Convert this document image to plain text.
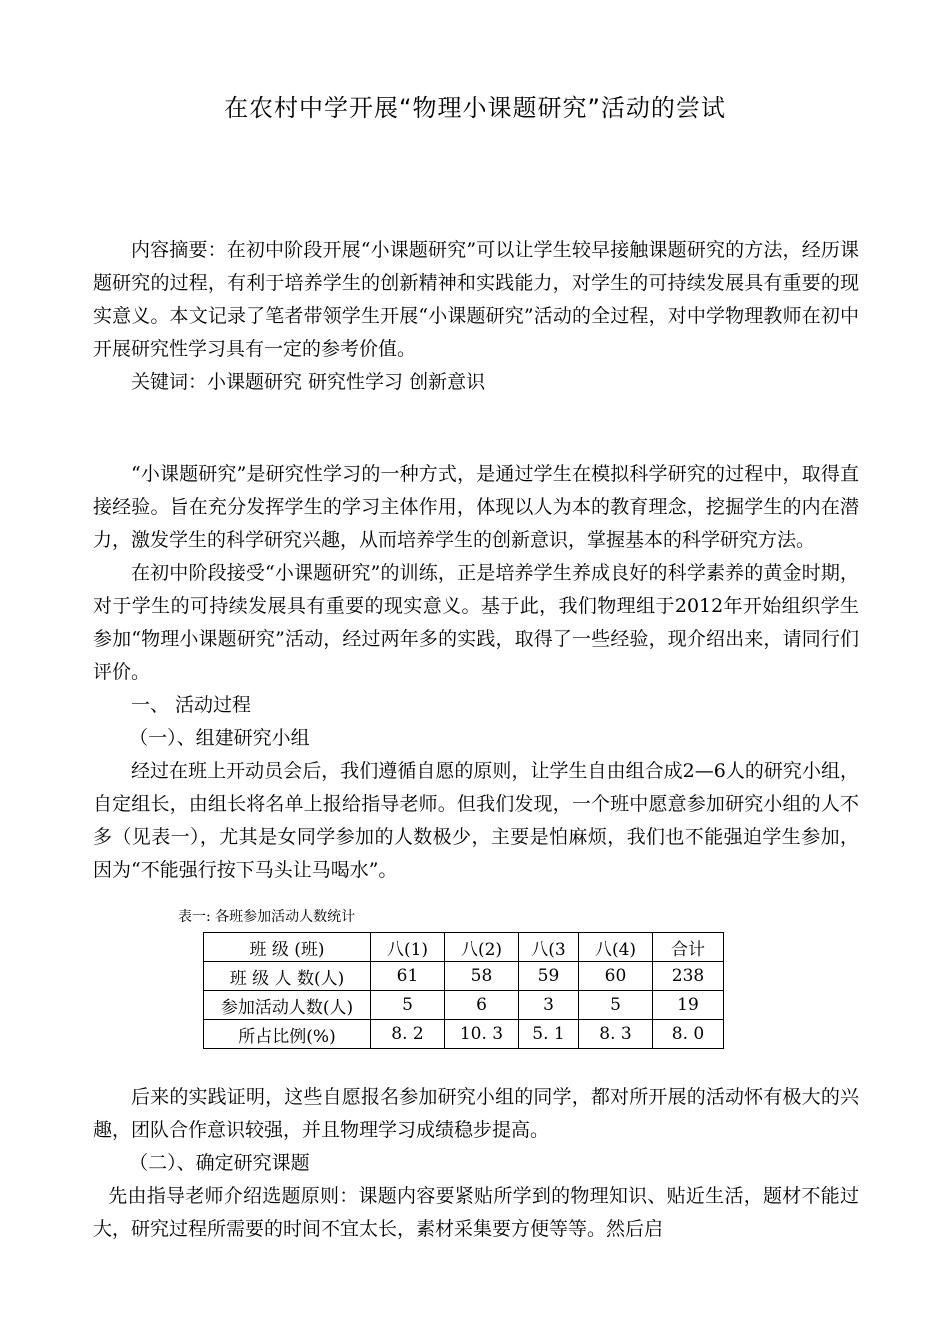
在农村中学开展“物理小课题研究”活动的尝试

内容摘要：在初中阶段开展“小课题研究”可以让学生较早接触课题研究的方法，经历课题研究的过程，有利于培养学生的创新精神和实践能力，对学生的可持续发展具有重要的现实意义。本文记录了笔者带领学生开展“小课题研究”活动的全过程，对中学物理教师在初中开展研究性学习具有一定的参考价值。

关键词：小课题研究 研究性学习 创新意识

“小课题研究”是研究性学习的一种方式，是通过学生在模拟科学研究的过程中，取得直接经验。旨在充分发挥学生的学习主体作用，体现以人为本的教育理念，挖掘学生的内在潜力，激发学生的科学研究兴趣，从而培养学生的创新意识，掌握基本的科学研究方法。

在初中阶段接受“小课题研究”的训练，正是培养学生养成良好的科学素养的黄金时期，对于学生的可持续发展具有重要的现实意义。基于此，我们物理组于2012年开始组织学生参加“物理小课题研究”活动，经过两年多的实践，取得了一些经验，现介绍出来，请同行们评价。

一、 活动过程

（一）、组建研究小组

经过在班上开动员会后，我们遵循自愿的原则，让学生自由组合成2—6人的研究小组，自定组长，由组长将名单上报给指导老师。但我们发现，一个班中愿意参加研究小组的人不多（见表一），尤其是女同学参加的人数极少，主要是怕麻烦，我们也不能强迫学生参加，因为“不能强行按下马头让马喝水”。

表一: 各班参加活动人数统计
班 级 (班)	八(1)	八(2)	八(3	八(4)	合计
班 级 人 数(人)	61	58	59	60	238
参加活动人数(人)	5	6	3	5	19
所占比例(%)	8. 2	10. 3	5. 1	8. 3	8. 0

后来的实践证明，这些自愿报名参加研究小组的同学，都对所开展的活动怀有极大的兴趣，团队合作意识较强，并且物理学习成绩稳步提高。

（二）、确定研究课题

先由指导老师介绍选题原则：课题内容要紧贴所学到的物理知识、贴近生活，题材不能过大，研究过程所需要的时间不宜太长，素材采集要方便等等。然后启
